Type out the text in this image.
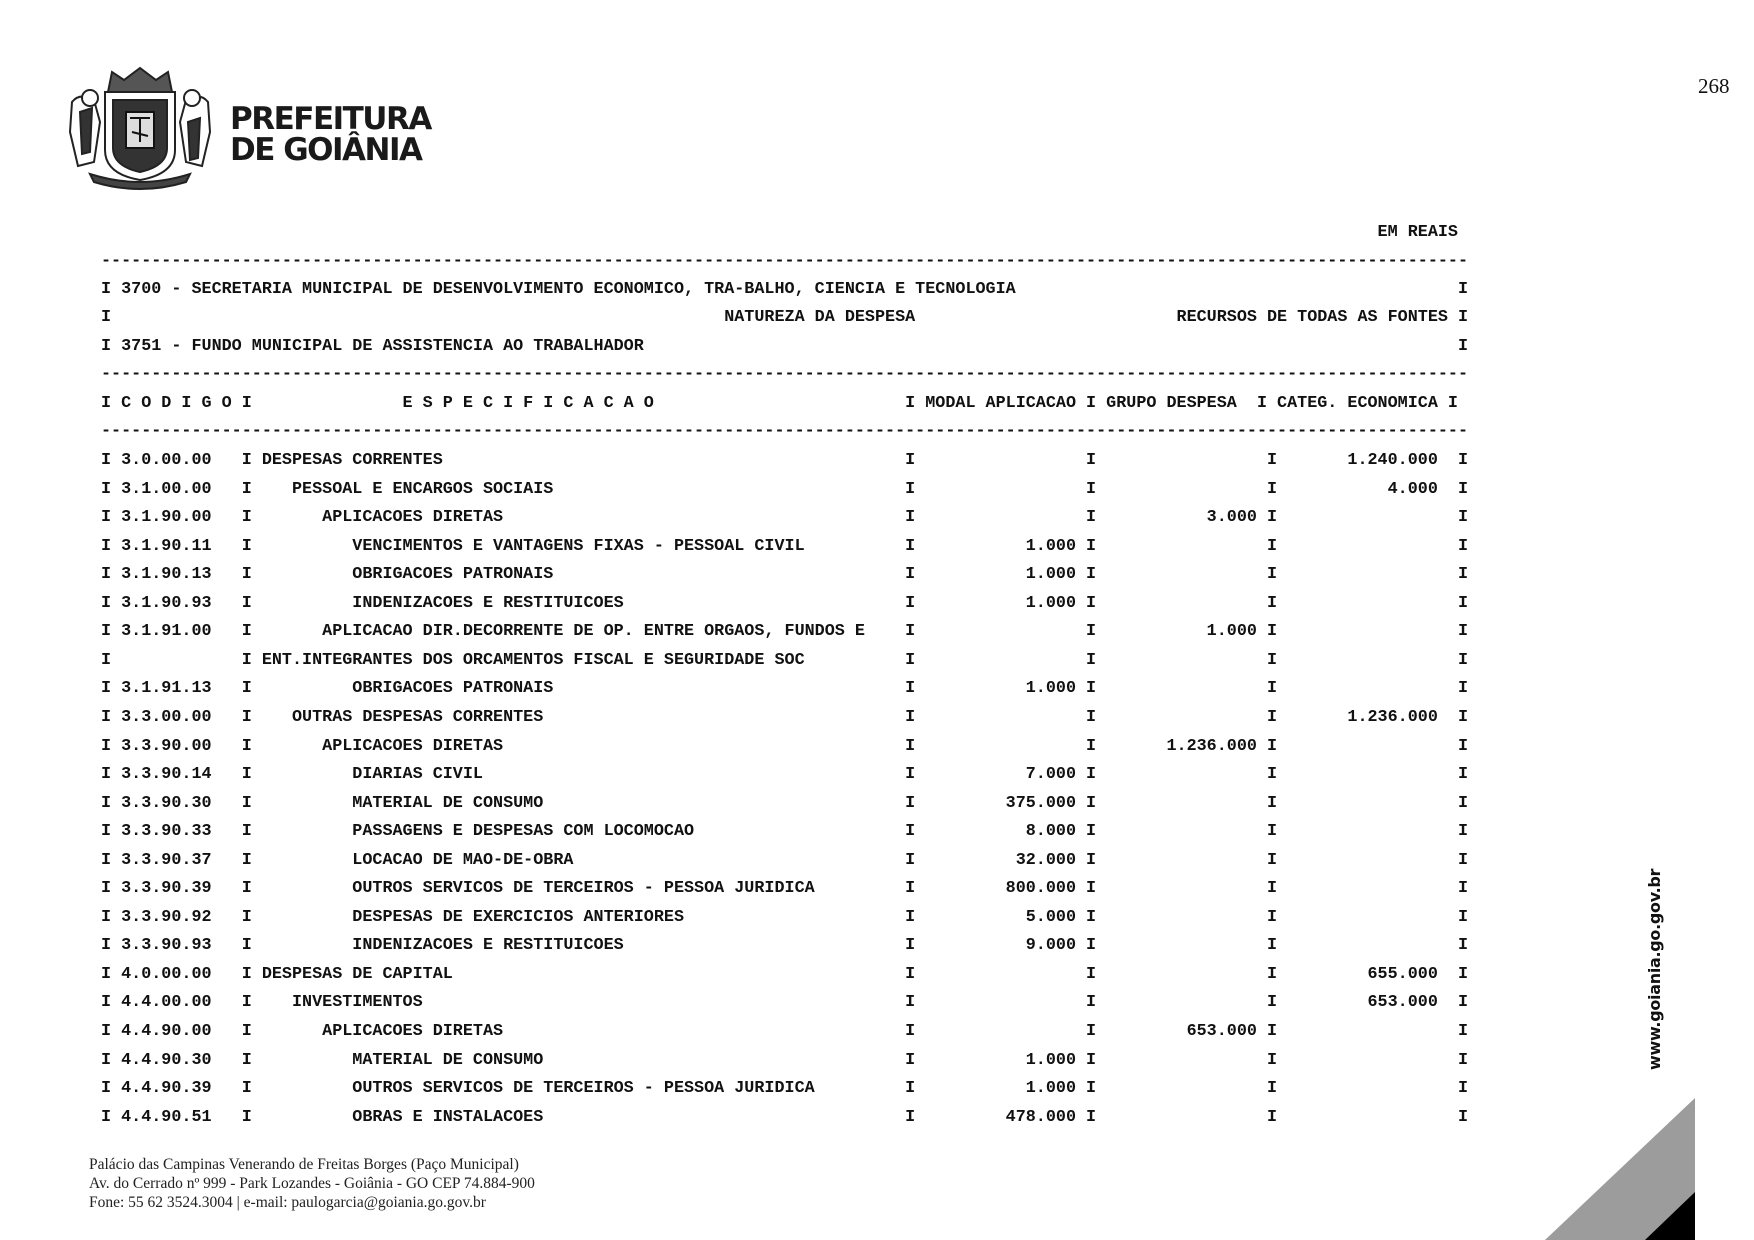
PREFEITURA
DE GOIÂNIA
268
EM REAIS
----------------------------------------------------------------------------------------------------------------------------------------
I 3700 - SECRETARIA MUNICIPAL DE DESENVOLVIMENTO ECONOMICO, TRA-BALHO, CIENCIA E TECNOLOGIA                                            I
I                                                             NATUREZA DA DESPESA                          RECURSOS DE TODAS AS FONTES I
I 3751 - FUNDO MUNICIPAL DE ASSISTENCIA AO TRABALHADOR                                                                                 I
----------------------------------------------------------------------------------------------------------------------------------------
I C O D I G O I               E S P E C I F I C A C A O                         I MODAL APLICACAO I GRUPO DESPESA  I CATEG. ECONOMICA I
----------------------------------------------------------------------------------------------------------------------------------------
I 3.0.00.00   I DESPESAS CORRENTES                                              I                 I                 I       1.240.000  I
I 3.1.00.00   I    PESSOAL E ENCARGOS SOCIAIS                                   I                 I                 I           4.000  I
I 3.1.90.00   I       APLICACOES DIRETAS                                        I                 I           3.000 I                  I
I 3.1.90.11   I          VENCIMENTOS E VANTAGENS FIXAS - PESSOAL CIVIL          I           1.000 I                 I                  I
I 3.1.90.13   I          OBRIGACOES PATRONAIS                                   I           1.000 I                 I                  I
I 3.1.90.93   I          INDENIZACOES E RESTITUICOES                            I           1.000 I                 I                  I
I 3.1.91.00   I       APLICACAO DIR.DECORRENTE DE OP. ENTRE ORGAOS, FUNDOS E    I                 I           1.000 I                  I
I             I ENT.INTEGRANTES DOS ORCAMENTOS FISCAL E SEGURIDADE SOC          I                 I                 I                  I
I 3.1.91.13   I          OBRIGACOES PATRONAIS                                   I           1.000 I                 I                  I
I 3.3.00.00   I    OUTRAS DESPESAS CORRENTES                                    I                 I                 I       1.236.000  I
I 3.3.90.00   I       APLICACOES DIRETAS                                        I                 I       1.236.000 I                  I
I 3.3.90.14   I          DIARIAS CIVIL                                          I           7.000 I                 I                  I
I 3.3.90.30   I          MATERIAL DE CONSUMO                                    I         375.000 I                 I                  I
I 3.3.90.33   I          PASSAGENS E DESPESAS COM LOCOMOCAO                     I           8.000 I                 I                  I
I 3.3.90.37   I          LOCACAO DE MAO-DE-OBRA                                 I          32.000 I                 I                  I
I 3.3.90.39   I          OUTROS SERVICOS DE TERCEIROS - PESSOA JURIDICA         I         800.000 I                 I                  I
I 3.3.90.92   I          DESPESAS DE EXERCICIOS ANTERIORES                      I           5.000 I                 I                  I
I 3.3.90.93   I          INDENIZACOES E RESTITUICOES                            I           9.000 I                 I                  I
I 4.0.00.00   I DESPESAS DE CAPITAL                                             I                 I                 I         655.000  I
I 4.4.00.00   I    INVESTIMENTOS                                                I                 I                 I         653.000  I
I 4.4.90.00   I       APLICACOES DIRETAS                                        I                 I         653.000 I                  I
I 4.4.90.30   I          MATERIAL DE CONSUMO                                    I           1.000 I                 I                  I
I 4.4.90.39   I          OUTROS SERVICOS DE TERCEIROS - PESSOA JURIDICA         I           1.000 I                 I                  I
I 4.4.90.51   I          OBRAS E INSTALACOES                                    I         478.000 I                 I                  I
Palácio das Campinas Venerando de Freitas Borges (Paço Municipal)
Av. do Cerrado nº 999 - Park Lozandes - Goiânia - GO CEP 74.884-900
Fone: 55 62 3524.3004 | e-mail: paulogarcia@goiania.go.gov.br
www.goiania.go.gov.br
